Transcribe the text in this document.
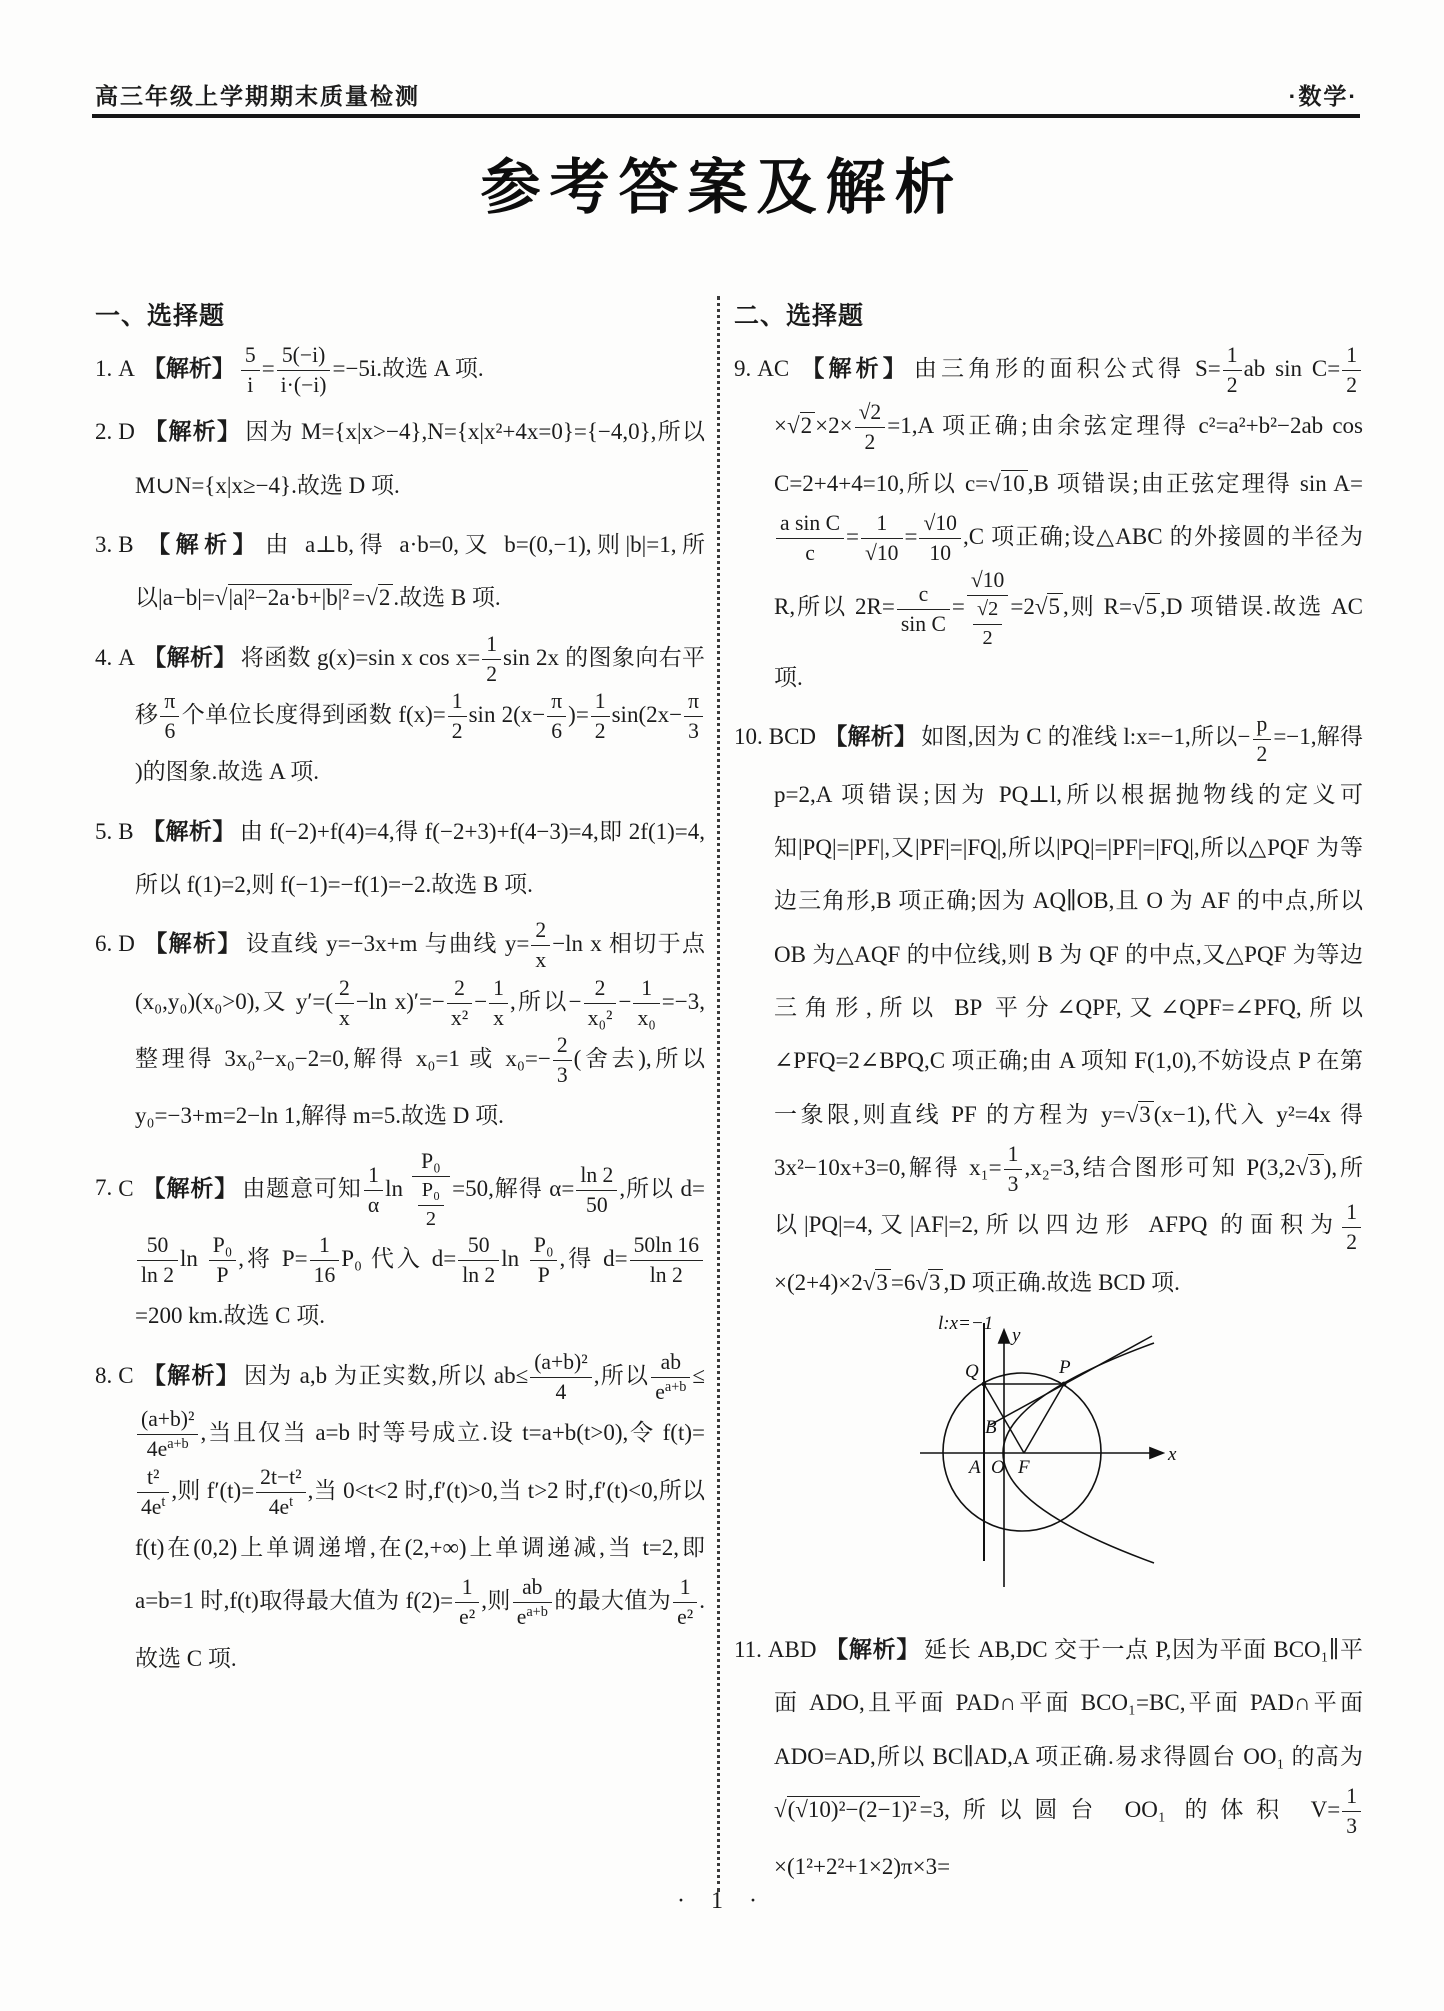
高三年级上学期期末质量检测	·数学·
参考答案及解析
一、选择题

1. A 【解析】 $\frac{5}{i} = \frac{5(-i)}{i\cdot(-i)} =-5i$.故选 A 项.

2. D 【解析】 因为 M={x|x>−4},N={x|x²+4x=0}={−4,0},所以 M∪N={x|x≥−4}.故选 D 项.

3. B 【解析】 由 a⊥b,得 a·b=0,又 b=(0,−1),则|b|=1,所以|a−b|=√|a|²−2a·b+|b|² =√2 .故选 B 项.

4. A 【解析】 将函数 g(x)=sin x $\cos x= \frac{1}{2}$ sin 2x 的图象向右平移 $\frac{\pi}{6}$ 个单位长度得到函数 $f(x)= \frac{1}{2}$ $\sin 2(x- \frac{\pi}{6}$ )= $\frac{1}{2} \sin(2x- \frac{\pi}{3}$
)的图象.故选 A 项.

5. B 【解析】 由 f(−2)+f(4)=4,得 f(−2+3)+f(4−3)=4,即 2f(1)=4,所以 f(1)=2,则 f(−1)=−f(1)=−2.故选 B 项.

6. D 【解析】 设直线 y=−3x+m 与曲线 $y= \frac{2}{x} -\ln$ x 相切于点(x₀,y₀)(x₀>0),又 $y'=( \frac{2}{x} -\ln$ $x)'=- \frac{2}{\text{x²}} - \frac{1}{x}$ ,所以− $\frac{2}{\text{x₀²}} - \frac{1}{\text{x₀}} =-3$,整理得 3x₀²−x₀−2=0,解得 x₀=1 或 $x_0=- \frac{2}{3}$ (舍去),所以 y₀=−3+m=2−ln 1,解得 m=5.故选 D 项.

7. C 【解析】 由题意可知 $\frac{1}{\alpha}$ $\ln \frac{\text{P₀}}{\frac{\text{P₀}}{2}} =50$,解得 $\alpha= \frac{\ln 2}{50}$ ,所以 d=
$\frac{50}{\ln 2}$ $\ln \frac{\text{P₀}}{P}$ ,将 $P= \frac{1}{16} P_0$ 代入 $d= \frac{50}{\ln 2}$ $\ln \frac{\text{P₀}}{P}$ ,得 $d= \frac{50\ln 16}{\ln 2}$
=200 km.故选 C 项.

8. C 【解析】 因为 a,b 为正实数,所以 $ab\le \frac{\text{(a+b)²}}{4}$ ,所以 $\frac{ab}{e^{a+b}}$ ≤
$\frac{\text{(a+b)²}}{4e^{a+b}}$ ,当且仅当 a=b 时等号成立.设 t=a+b(t>0),令 f(t)=
$\frac{\text{t²}}{4e^t}$ ,则 $f'(t)= \frac{\text{2t−t²}}{4e^t}$ ,当 0<t<2 时,f′(t)>0,当 t>2 时,f′(t)<0,所以 f(t)在(0,2)上单调递增,在(2,+∞)上单调递减,当 t=2,即 a=b=1 时,f(t)取得最大值为 $f(2)= \frac{1}{\text{e²}}$ ,则 $\frac{ab}{e^{a+b}}$ 的最大值为 $\frac{1}{\text{e²}}$ .故选 C 项.

二、选择题

9. AC 【解析】 由三角形的面积公式得 $S= \frac{1}{2}$ ab $\sin C= \frac{1}{2}$
$\times√2 \times 2\times \frac{√2}{2} =1,A$ 项正确;由余弦定理得 c²=a²+b²−2ab cos C=2+4+4=10,所以 c=√10 ,B 项错误;由正弦定理得 sin A=
$\frac{\text{a sin C}}{c} = \frac{1}{√10} = \frac{√10}{10} ,C$ 项正确;设△ABC 的外接圆的半径为 R,所以 $2R= \frac{c}{\text{sin C}} = \frac{√10}{\frac{√2}{2}} =2√5$ ,则 R=√5 ,D 项错误.故选 AC 项.

10. BCD 【解析】 如图,因为 C 的准线 l:x=−1,所以− $\frac{p}{2} =-1$,解得 p=2,A 项错误;因为 PQ⊥l,所以根据抛物线的定义可知|PQ|=|PF|,又|PF|=|FQ|,所以|PQ|=|PF|=|FQ|,所以△PQF 为等边三角形,B 项正确;因为 AQ∥OB,且 O 为 AF 的中点,所以 OB 为△AQF 的中位线,则 B 为 QF 的中点,又△PQF 为等边三角形,所以 BP 平分∠QPF,又∠QPF=∠PFQ,所以∠PFQ=2∠BPQ,C 项正确;由 A 项知 F(1,0),不妨设点 P 在第一象限,则直线 PF 的方程为 y=√3 (x−1),代入 y²=4x 得 3x²−10x+3=0,解得 $x_1= \frac{1}{3} ,x_2=3$,结合图形可知 P(3,2√3 ),所以|PQ|=4,又|AF|=2,所以四边形 AFPQ 的面积为 $\frac{1}{2}$
×(2+4)×2√3 =6√3 ,D 项正确.故选 BCD 项.

l:x=−1
y
x
Q	P
B
A O F

11. ABD 【解析】 延长 AB,DC 交于一点 P,因为平面 BCO₁∥平面 ADO,且平面 PAD∩平面 BCO₁=BC,平面 PAD∩平面 ADO=AD,所以 BC∥AD,A 项正确.易求得圆台 OO₁ 的高为√(√10)²−(2−1)² =3,所以圆台 OO₁ 的体积 $V= \frac{1}{3}$
×(1²+2²+1×2)π×3=

· 1 ·
